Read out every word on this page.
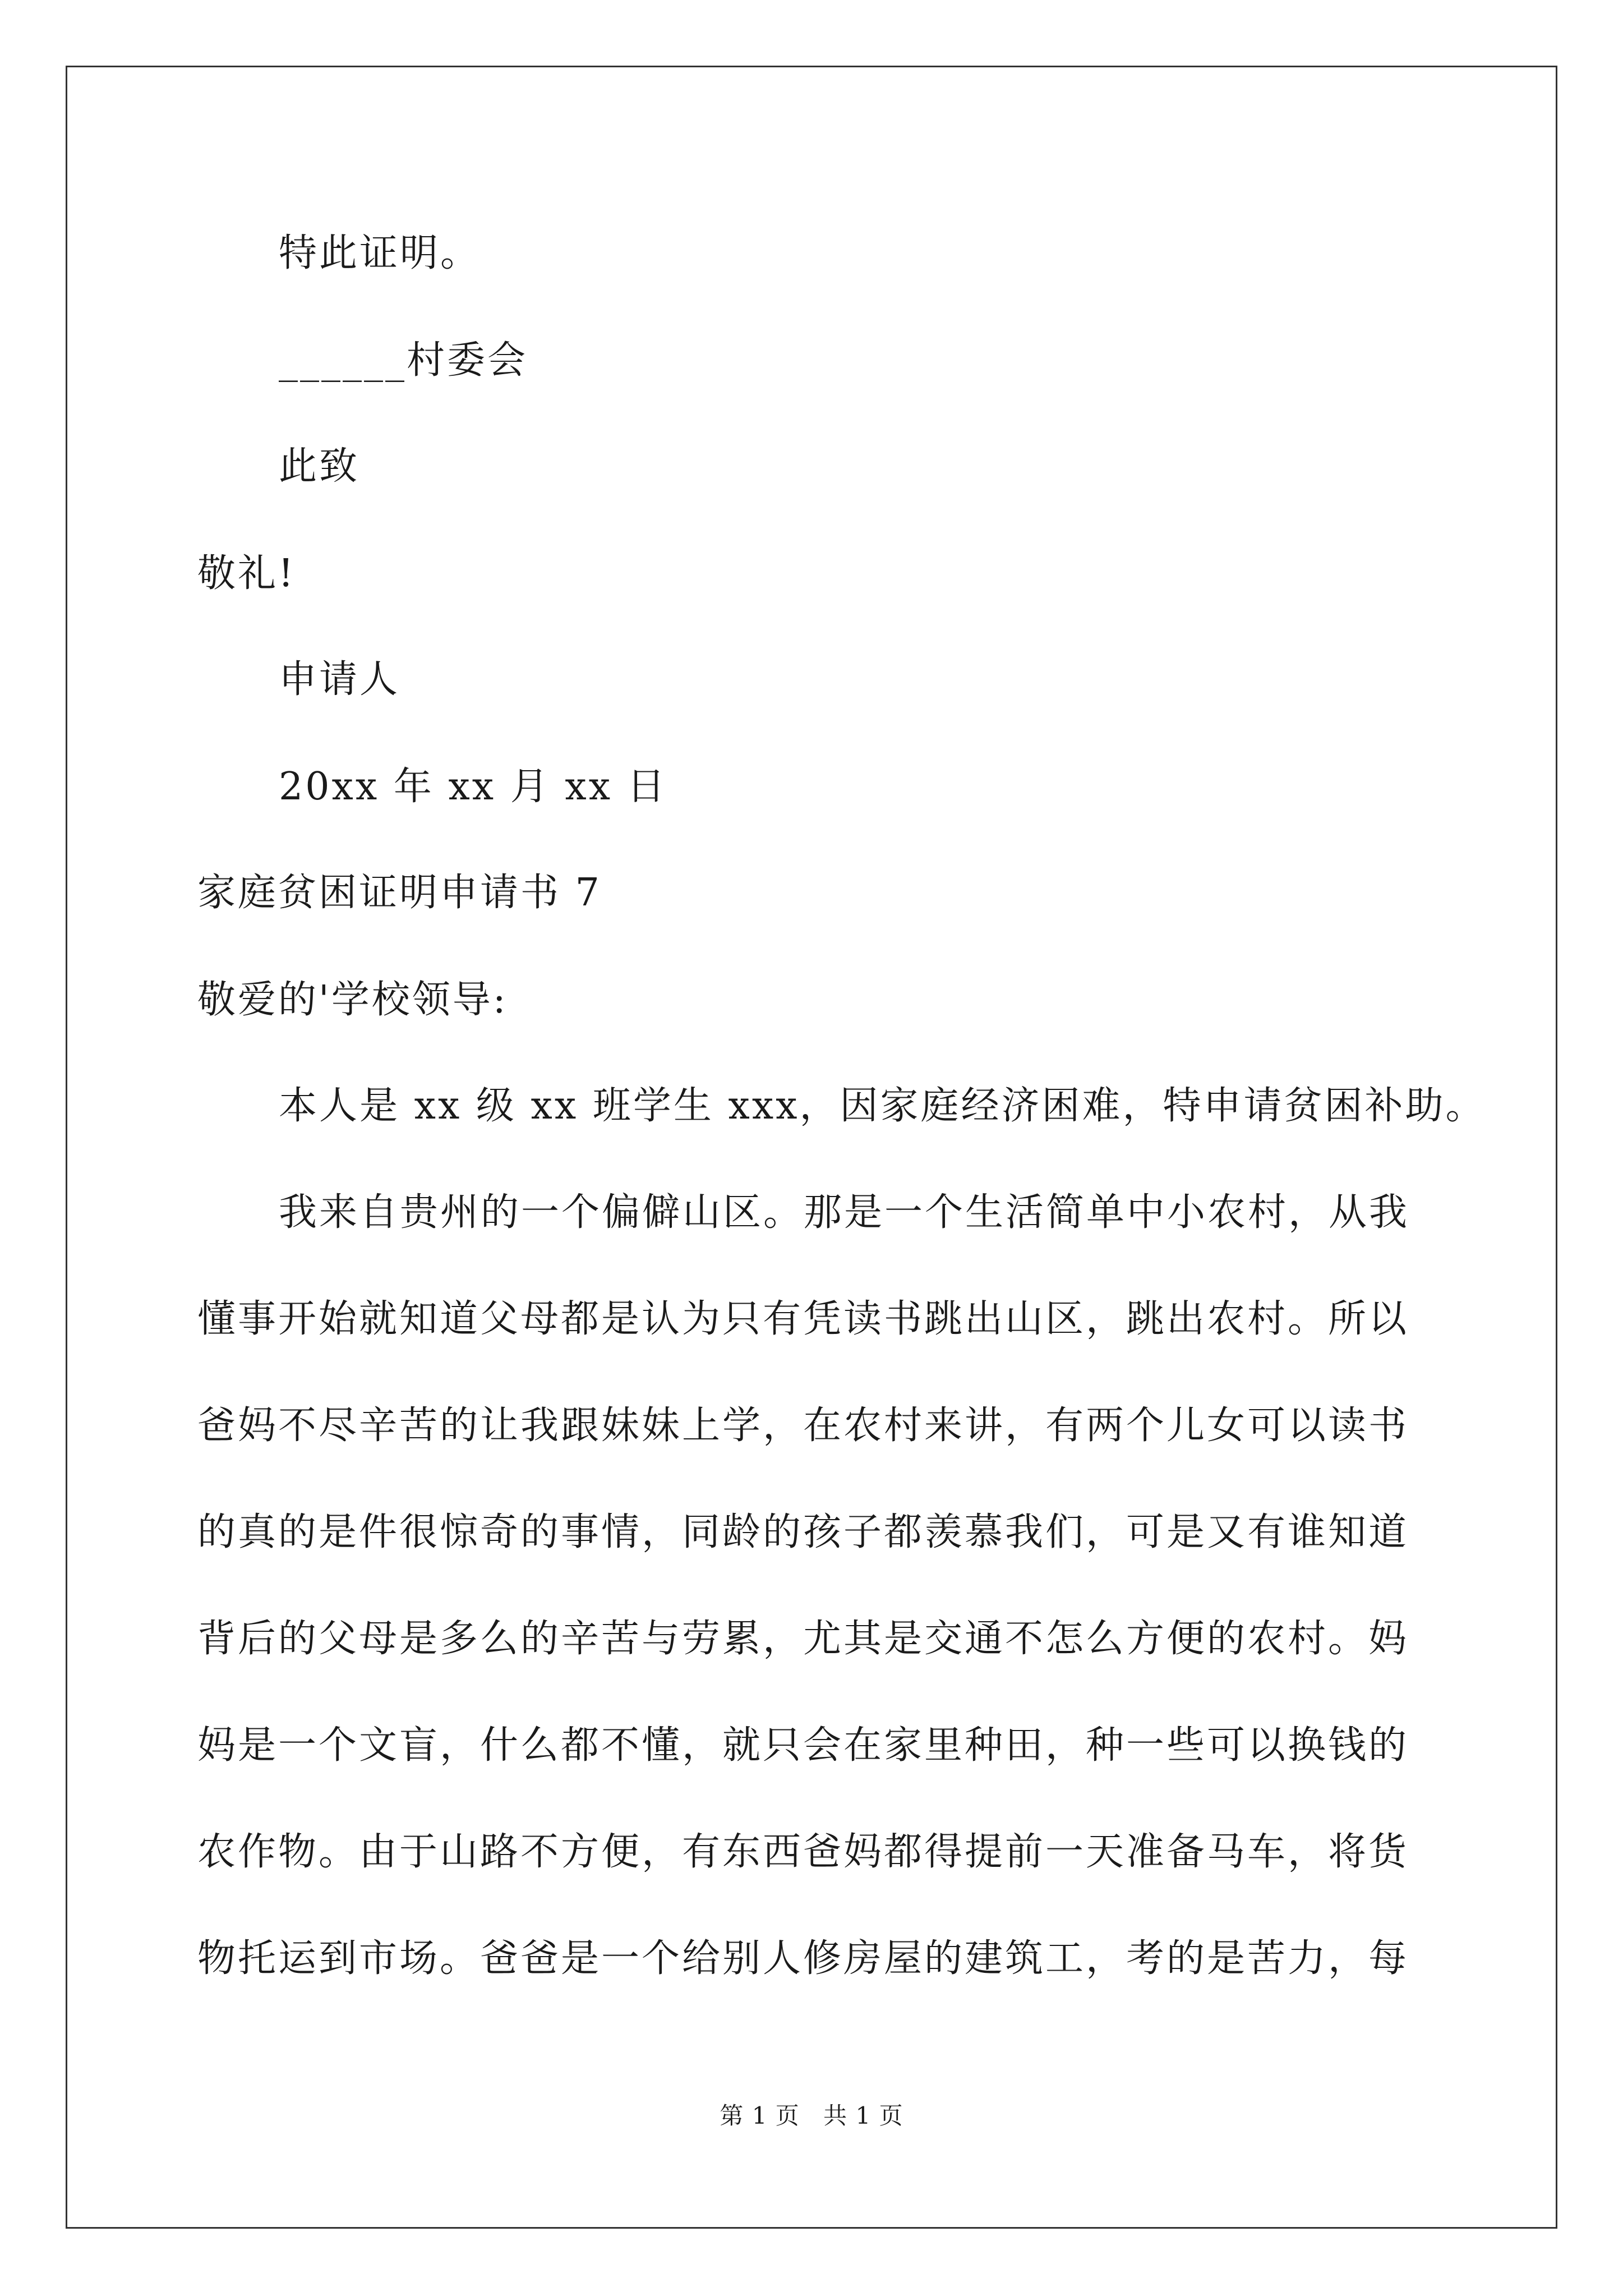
特此证明。
______村委会
此致
敬礼!
申请人
20xx 年 xx 月 xx 日
家庭贫困证明申请书 7
敬爱的'学校领导:
本人是 xx 级 xx 班学生 xxx，因家庭经济困难，特申请贫困补助。
我来自贵州的一个偏僻山区。那是一个生活简单中小农村，从我
懂事开始就知道父母都是认为只有凭读书跳出山区，跳出农村。所以
爸妈不尽辛苦的让我跟妹妹上学，在农村来讲，有两个儿女可以读书
的真的是件很惊奇的事情，同龄的孩子都羡慕我们，可是又有谁知道
背后的父母是多么的辛苦与劳累，尤其是交通不怎么方便的农村。妈
妈是一个文盲，什么都不懂，就只会在家里种田，种一些可以换钱的
农作物。由于山路不方便，有东西爸妈都得提前一天准备马车，将货
物托运到市场。爸爸是一个给别人修房屋的建筑工，考的是苦力，每
第 1 页 共 1 页
